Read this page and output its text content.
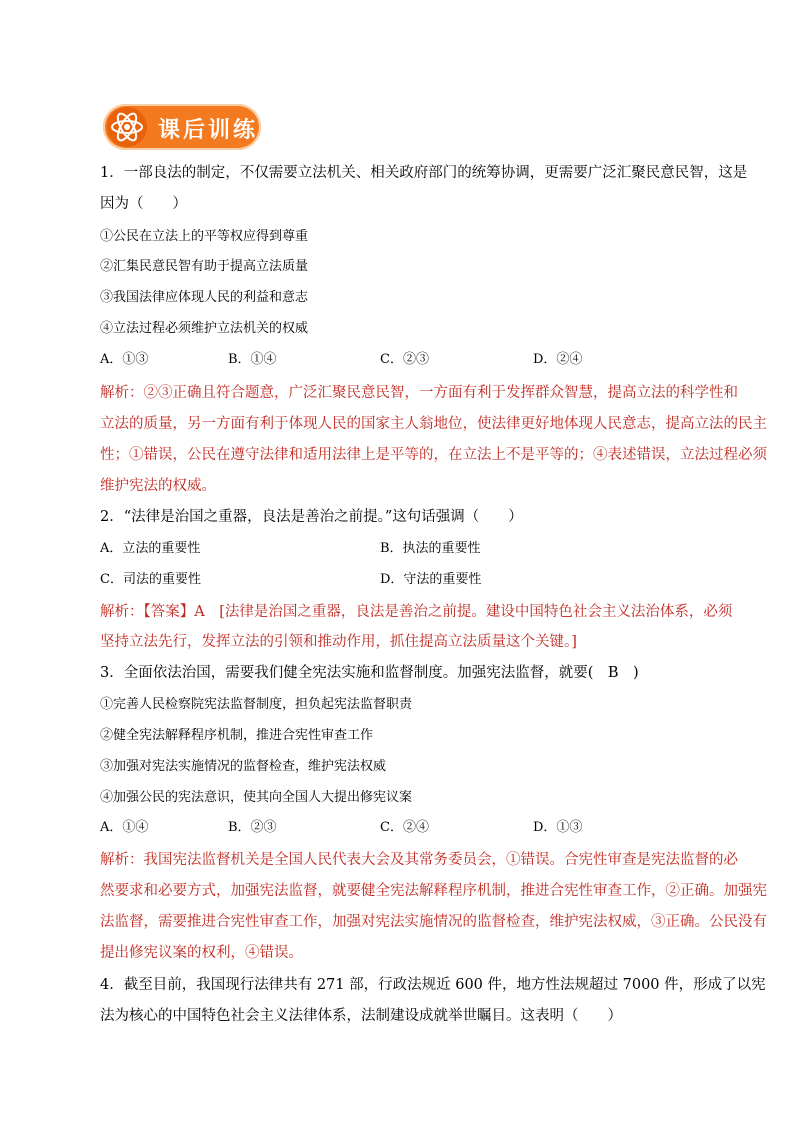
课后训练
1．一部良法的制定，不仅需要立法机关、相关政府部门的统筹协调，更需要广泛汇聚民意民智，这是
因为（　　）
①公民在立法上的平等权应得到尊重
②汇集民意民智有助于提高立法质量
③我国法律应体现人民的利益和意志
④立法过程必须维护立法机关的权威
A．①③	B．①④	C．②③	D．②④
解析：②③正确且符合题意，广泛汇聚民意民智，一方面有利于发挥群众智慧，提高立法的科学性和
立法的质量，另一方面有利于体现人民的国家主人翁地位，使法律更好地体现人民意志，提高立法的民主
性；①错误，公民在遵守法律和适用法律上是平等的，在立法上不是平等的；④表述错误，立法过程必须
维护宪法的权威。
2．“法律是治国之重器，良法是善治之前提。”这句话强调（　　）
A．立法的重要性	B．执法的重要性
C．司法的重要性	D．守法的重要性
解析：【答案】A　[法律是治国之重器，良法是善治之前提。建设中国特色社会主义法治体系，必须
坚持立法先行，发挥立法的引领和推动作用，抓住提高立法质量这个关键。]
3．全面依法治国，需要我们健全宪法实施和监督制度。加强宪法监督，就要(　B　)
①完善人民检察院宪法监督制度，担负起宪法监督职责
②健全宪法解释程序机制，推进合宪性审查工作
③加强对宪法实施情况的监督检查，维护宪法权威
④加强公民的宪法意识，使其向全国人大提出修宪议案
A．①④	B．②③	C．②④	D．①③
解析：我国宪法监督机关是全国人民代表大会及其常务委员会，①错误。合宪性审查是宪法监督的必
然要求和必要方式，加强宪法监督，就要健全宪法解释程序机制，推进合宪性审查工作，②正确。加强宪
法监督，需要推进合宪性审查工作，加强对宪法实施情况的监督检查，维护宪法权威，③正确。公民没有
提出修宪议案的权利，④错误。
4．截至目前，我国现行法律共有 271 部，行政法规近 600 件，地方性法规超过 7000 件，形成了以宪
法为核心的中国特色社会主义法律体系，法制建设成就举世瞩目。这表明（　　）
